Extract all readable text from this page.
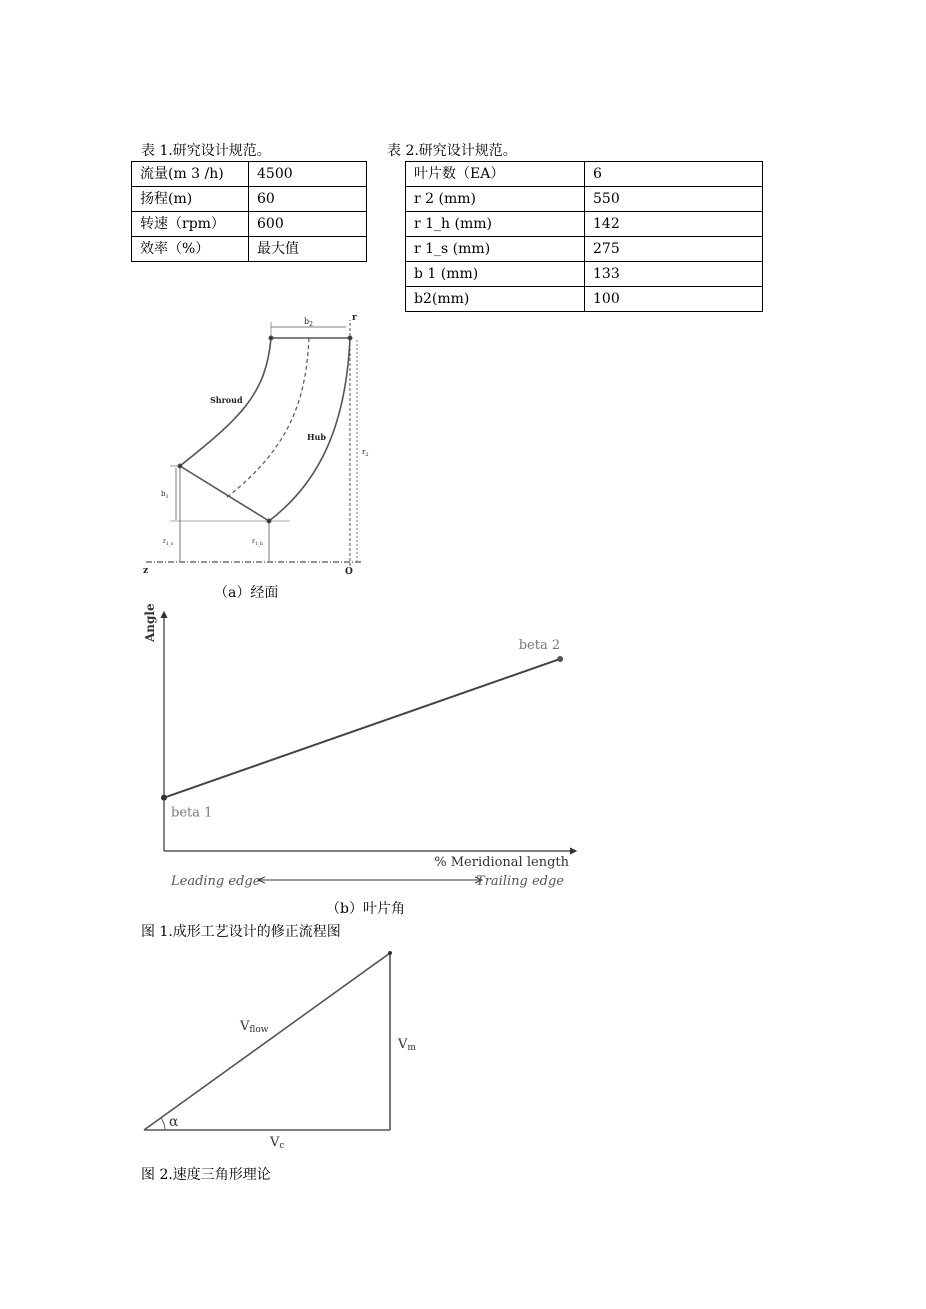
表 1.研究设计规范。
流量(m 3 /h)	4500
扬程(m)	60
转速（rpm）	600
效率（%）	最大值
表 2.研究设计规范。
叶片数（EA）	6
r 2 (mm)	550
r 1_h (mm)	142
r 1_s (mm)	275
b 1 (mm)	133
b2(mm)	100
$b_2$
r
Shroud
Hub
$r_2$
$b_1$
$r_{1\_s}$	$r_{1\_h}$
z	O
（a）经面
Angle
beta 1
beta 2
% Meridional length
Leading edge	Trailing edge
（b）叶片角
图 1.成形工艺设计的修正流程图
Vflow
Vm
Vc
α
图 2.速度三角形理论
